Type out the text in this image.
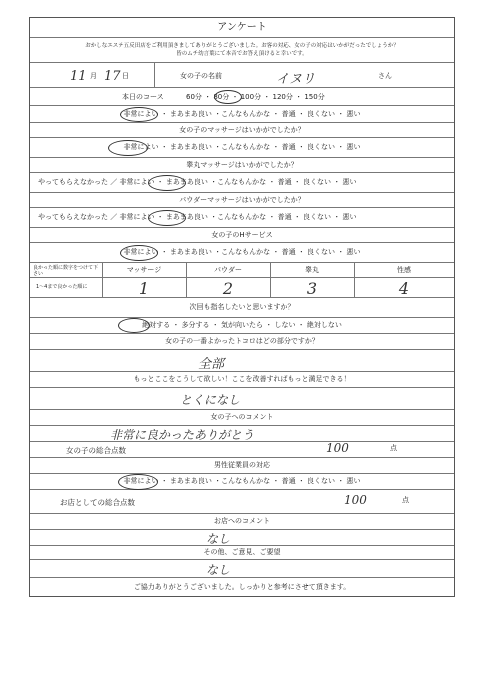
アンケート
おかしなエステ五反田店をご利用頂きましてありがとうございました。お客の対応、女の子の対応はいかがだったでしょうか？
皆のムチ幼言葉にて本音でお答え頂けると幸いです。
11 月 17 日	女の子の名前	イヌリ	さん
本日のコース	60分 ・ 80分 ・ 100分 ・ 120分 ・ 150分
非常によい ・ まあまあ良い ・こんなもんかな ・ 普通 ・ 良くない ・ 悪い
女の子のマッサージはいかがでしたか？
非常によい ・ まあまあ良い ・こんなもんかな ・ 普通 ・ 良くない ・ 悪い
睾丸マッサージはいかがでしたか？
やってもらえなかった ／ 非常によい ・ まあまあ良い ・こんなもんかな ・ 普通 ・ 良くない ・ 悪い
パウダーマッサージはいかがでしたか？
やってもらえなかった ／ 非常によい ・ まあまあ良い ・こんなもんかな ・ 普通 ・ 良くない ・ 悪い
女の子のHサービス
非常によい ・ まあまあ良い ・こんなもんかな ・ 普通 ・ 良くない ・ 悪い
良かった順に数字をつけて下さい	マッサージ	パウダー	睾丸	性感
1〜4まで良かった順に	1	2	3	4
次回も指名したいと思いますか？
絶対する ・ 多分する ・ 気が向いたら ・ しない ・ 絶対しない
女の子の一番よかったトコロはどの部分ですか？
全部
もっとここをこうして欲しい！ここを改善すればもっと満足できる！
とくになし
女の子へのコメント
非常に良かったありがとう
女の子の総合点数	100	点
男性従業員の対応
非常によい ・ まあまあ良い ・こんなもんかな ・ 普通 ・ 良くない ・ 悪い
お店としての総合点数	100	点
お店へのコメント
なし
その他、ご意見、ご要望
なし
ご協力ありがとうございました。しっかりと参考にさせて頂きます。
